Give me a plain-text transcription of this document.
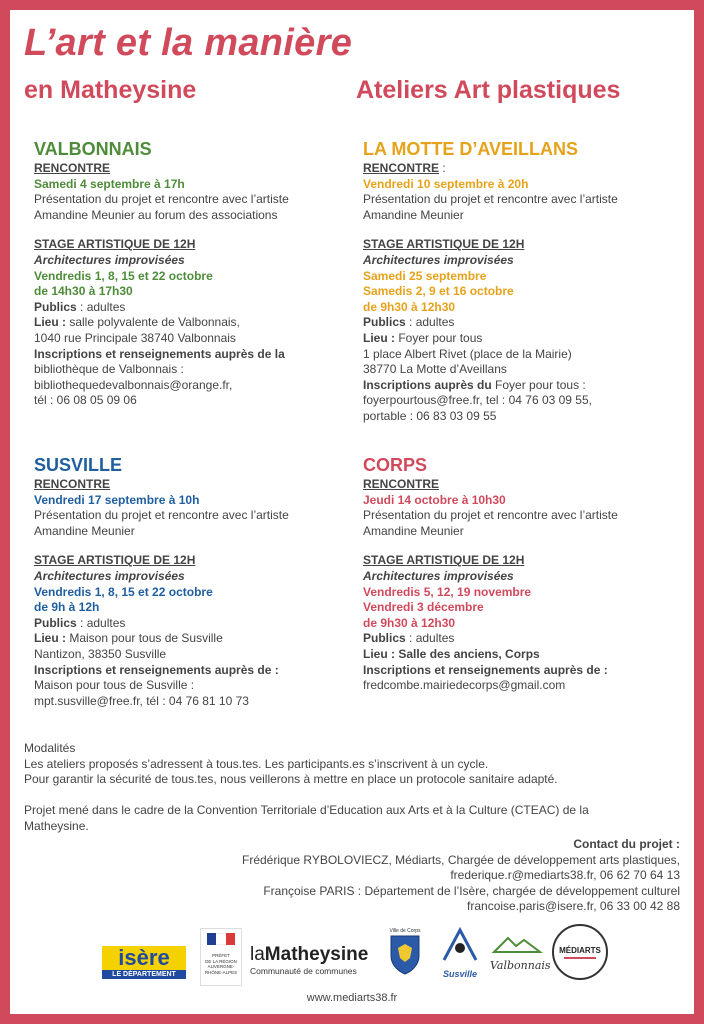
L’art et la manière
en Matheysine	Ateliers Art plastiques
VALBONNAIS
RENCONTRE
Samedi 4 septembre à 17h
Présentation du projet et rencontre avec l’artiste
Amandine Meunier au forum des associations
STAGE ARTISTIQUE DE 12H
Architectures improvisées
Vendredis 1, 8, 15 et 22 octobre
de 14h30 à 17h30
Publics : adultes
Lieu : salle polyvalente de Valbonnais,
1040 rue Principale 38740 Valbonnais
Inscriptions et renseignements auprès de la
bibliothèque de Valbonnais :
bibliothequedevalbonnais@orange.fr,
tél : 06 08 05 09 06
LA MOTTE D’AVEILLANS
RENCONTRE :
Vendredi 10 septembre à 20h
Présentation du projet et rencontre avec l’artiste
Amandine Meunier
STAGE ARTISTIQUE DE 12H
Architectures improvisées
Samedi 25 septembre
Samedis 2, 9 et 16 octobre
de 9h30 à 12h30
Publics : adultes
Lieu : Foyer pour tous
1 place Albert Rivet (place de la Mairie)
38770 La Motte d’Aveillans
Inscriptions auprès du Foyer pour tous :
foyerpourtous@free.fr, tel : 04 76 03 09 55,
portable : 06 83 03 09 55
SUSVILLE
RENCONTRE
Vendredi 17 septembre à 10h
Présentation du projet et rencontre avec l’artiste
Amandine Meunier
STAGE ARTISTIQUE DE 12H
Architectures improvisées
Vendredis 1, 8, 15 et 22 octobre
de 9h à 12h
Publics : adultes
Lieu : Maison pour tous de Susville
Nantizon, 38350 Susville
Inscriptions et renseignements auprès de :
Maison pour tous de Susville :
mpt.susville@free.fr, tél : 04 76 81 10 73
CORPS
RENCONTRE
Jeudi 14 octobre à 10h30
Présentation du projet et rencontre avec l’artiste
Amandine Meunier
STAGE ARTISTIQUE DE 12H
Architectures improvisées
Vendredis 5, 12, 19 novembre
Vendredi 3 décembre
de 9h30 à 12h30
Publics : adultes
Lieu : Salle des anciens, Corps
Inscriptions et renseignements auprès de :
fredcombe.mairiedecorps@gmail.com
Modalités
Les ateliers proposés s’adressent à tous.tes. Les participants.es s’inscrivent à un cycle.
Pour garantir la sécurité de tous.tes, nous veillerons à mettre en place un protocole sanitaire adapté.
Projet mené dans le cadre de la Convention Territoriale d’Education aux Arts et à la Culture (CTEAC) de la
Matheysine.
Contact du projet :
Frédérique RYBOLOVIECZ, Médiarts, Chargée de développement arts plastiques,
frederique.r@mediarts38.fr, 06 62 70 64 13
Françoise PARIS : Département de l’Isère, chargée de développement culturel
francoise.paris@isere.fr, 06 33 00 42 88
isère
LE DÉPARTEMENT
PRÉFET
DE LA RÉGION
AUVERGNE-
RHÔNE-ALPES
laMatheysine
Communauté de communes
Ville de Corps
Susville
Valbonnais
MÉDIARTS
www.mediarts38.fr
